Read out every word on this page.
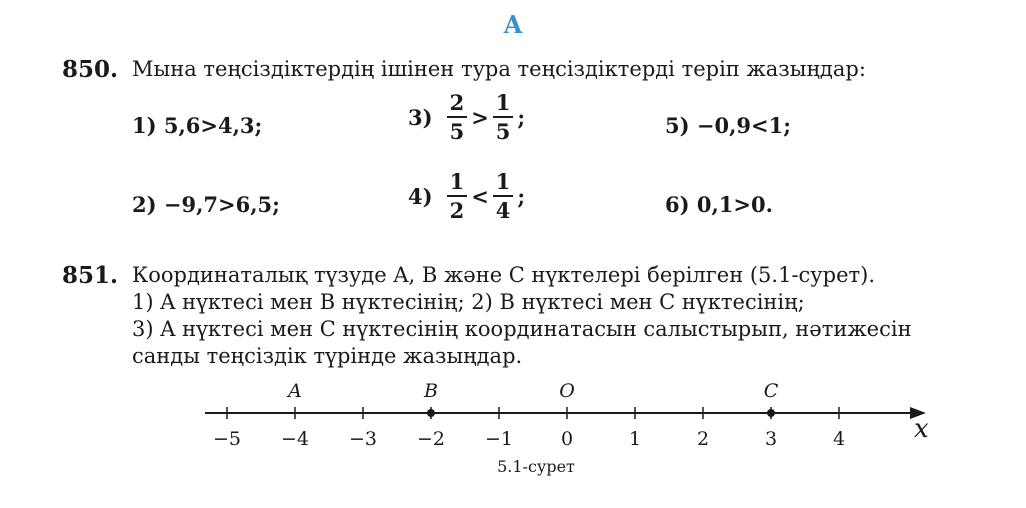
А
850. Мына теңсіздіктердің ішінен тура теңсіздіктерді теріп жазыңдар:
1) 5,6>4,3;
2) −9,7>6,5;
$3) \frac{2}{5} > \frac{1}{5}$ ;
$4) \frac{1}{2} < \frac{1}{4}$ ;
5) −0,9<1;
6) 0,1>0.
851. Координаталық түзуде A, B және C нүктелері берілген (5.1-сурет).
1) A нүктесі мен B нүктесінің; 2) B нүктесі мен C нүктесінің;
3) A нүктесі мен C нүктесінің координатасын салыстырып, нәтижесін
санды теңсіздік түрінде жазыңдар.
x
−5 −4 −3 −2 −1	0	1	2	3	4
A	B	O	C
5.1-сурет
